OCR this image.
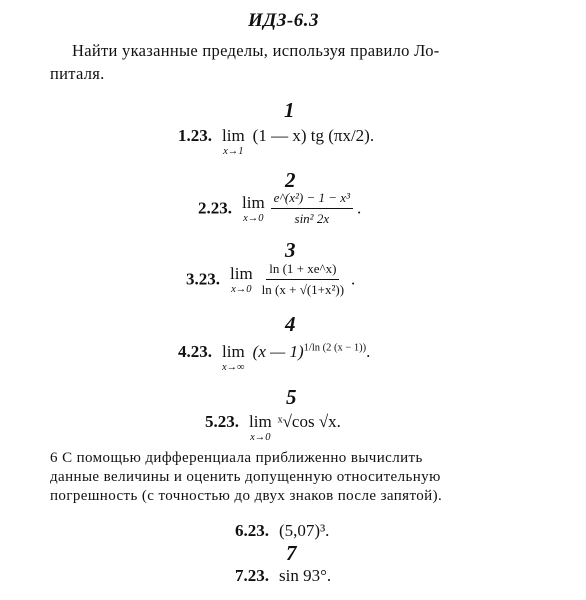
ИДЗ-6.3
Найти указанные пределы, используя правило Ло-
питаля.
1
1.23. lim
x→1
(1 — x) tg (πx/2).
2
2.23. lim
x→0
$\frac{\text{e\textasciicircum{}(x²) − 1 − x³}}{\text{sin² 2x}}$ .
3
3.23. lim
x→0
$\frac{\ln (1 + xe\^{}x)}{\text{ln (x + √(1+x²))}}$ .
4
4.23. lim
x→∞
(x — 1)$^{1/ln (2 (x - 1))}$.
5
5.23. lim
x→0
ˣ√cos √x.
6 С помощью дифференциала приближенно вычислить
данные величины и оценить допущенную относительную
погрешность (с точностью до двух знаков после запятой).
6.23. (5,07)³.
7
7.23. sin 93°.
